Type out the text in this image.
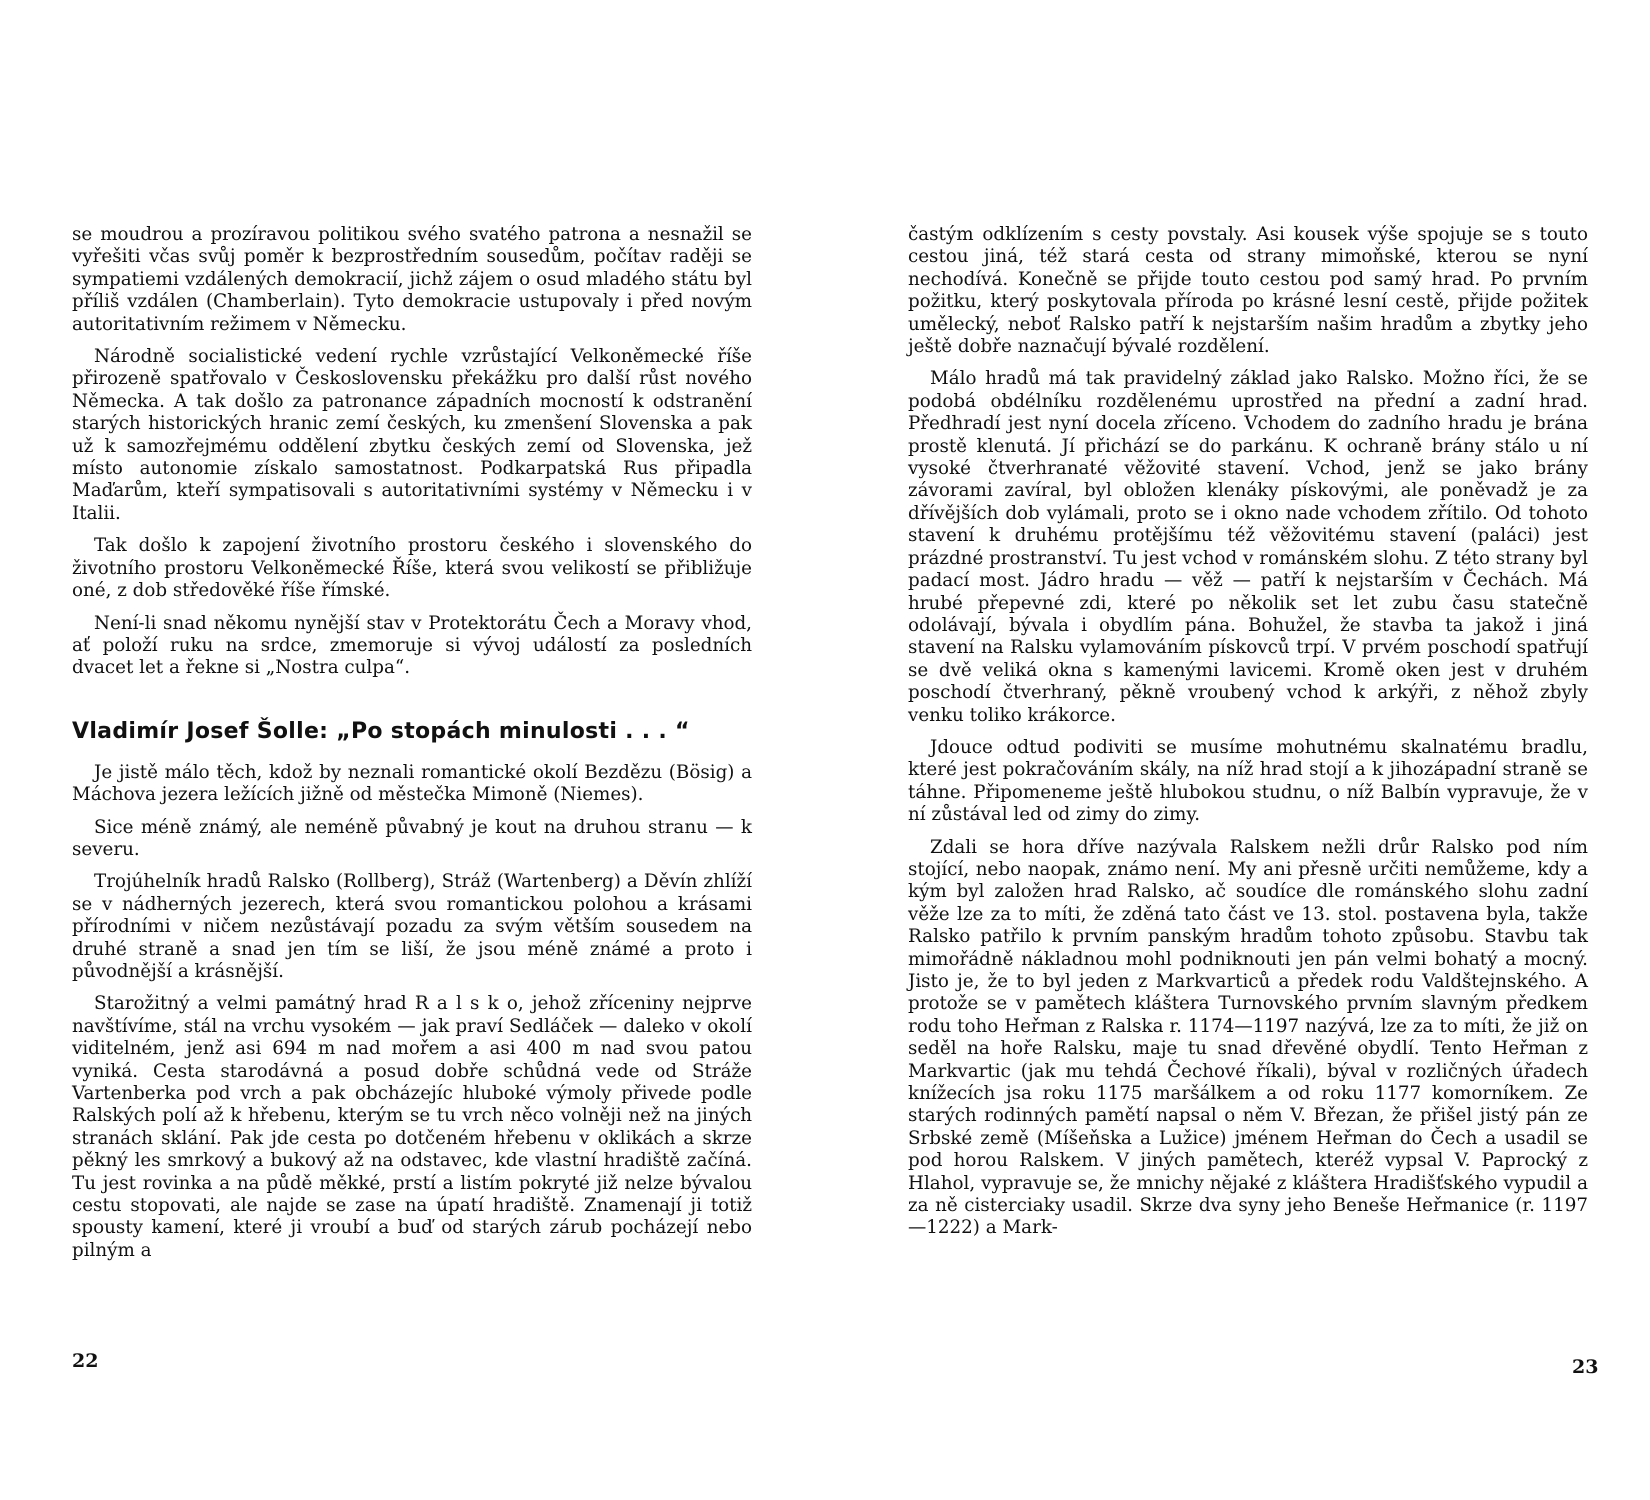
se moudrou a prozíravou politikou svého svatého patrona a nesnažil se vyřešiti včas svůj poměr k bezprostředním sousedům, počítav raději se sympatiemi vzdálených demokracií, jichž zájem o osud mladého státu byl příliš vzdálen (Chamberlain). Tyto demokracie ustupovaly i před novým autoritativním režimem v Německu.

Národně socialistické vedení rychle vzrůstající Velkoněmecké říše přirozeně spatřovalo v Československu překážku pro další růst nového Německa. A tak došlo za patronance západních mocností k odstranění starých historických hranic zemí českých, ku zmenšení Slovenska a pak už k samozřejmému oddělení zbytku českých zemí od Slovenska, jež místo autonomie získalo samostatnost. Podkarpatská Rus připadla Maďarům, kteří sympatisovali s autoritativními systémy v Německu i v Italii.

Tak došlo k zapojení životního prostoru českého i slovenského do životního prostoru Velkoněmecké Říše, která svou velikostí se přibližuje oné, z dob středověké říše římské.

Není-li snad někomu nynější stav v Protektorátu Čech a Moravy vhod, ať položí ruku na srdce, zmemoruje si vývoj událostí za posledních dvacet let a řekne si „Nostra culpa“.

Vladimír Josef Šolle: „Po stopách minulosti . . . “

Je jistě málo těch, kdož by neznali romantické okolí Bezdězu (Bösig) a Máchova jezera ležících jižně od městečka Mimoně (Niemes).

Sice méně známý, ale neméně půvabný je kout na druhou stranu — k severu.

Trojúhelník hradů Ralsko (Rollberg), Stráž (Wartenberg) a Děvín zhlíží se v nádherných jezerech, která svou romantickou polohou a krásami přírodními v ničem nezůstávají pozadu za svým větším sousedem na druhé straně a snad jen tím se liší, že jsou méně známé a proto i původnější a krásnější.

Starožitný a velmi památný hrad R a l s k o, jehož zříceniny nejprve navštívíme, stál na vrchu vysokém — jak praví Sedláček — daleko v okolí viditelném, jenž asi 694 m nad mořem a asi 400 m nad svou patou vyniká. Cesta starodávná a posud dobře schůdná vede od Stráže Vartenberka pod vrch a pak obcházejíc hluboké výmoly přivede podle Ralských polí až k hřebenu, kterým se tu vrch něco volněji než na jiných stranách sklání. Pak jde cesta po dotčeném hřebenu v oklikách a skrze pěkný les smrkový a bukový až na odstavec, kde vlastní hradiště začíná. Tu jest rovinka a na půdě měkké, prstí a listím pokryté již nelze bývalou cestu stopovati, ale najde se zase na úpatí hradiště. Znamenají ji totiž spousty kamení, které ji vroubí a buď od starých zárub pocházejí nebo pilným a

22

častým odklízením s cesty povstaly. Asi kousek výše spojuje se s touto cestou jiná, též stará cesta od strany mimoňské, kterou se nyní nechodívá. Konečně se přijde touto cestou pod samý hrad. Po prvním požitku, který poskytovala příroda po krásné lesní cestě, přijde požitek umělecký, neboť Ralsko patří k nejstarším našim hradům a zbytky jeho ještě dobře naznačují bývalé rozdělení.

Málo hradů má tak pravidelný základ jako Ralsko. Možno říci, že se podobá obdélníku rozdělenému uprostřed na přední a zadní hrad. Předhradí jest nyní docela zříceno. Vchodem do zadního hradu je brána prostě klenutá. Jí přichází se do parkánu. K ochraně brány stálo u ní vysoké čtverhranaté věžovité stavení. Vchod, jenž se jako brány závorami zavíral, byl obložen klenáky pískovými, ale poněvadž je za dřívějších dob vylámali, proto se i okno nade vchodem zřítilo. Od tohoto stavení k druhému protějšímu též věžovitému stavení (paláci) jest prázdné prostranství. Tu jest vchod v románském slohu. Z této strany byl padací most. Jádro hradu — věž — patří k nejstarším v Čechách. Má hrubé přepevné zdi, které po několik set let zubu času statečně odolávají, bývala i obydlím pána. Bohužel, že stavba ta jakož i jiná stavení na Ralsku vylamováním pískovců trpí. V prvém poschodí spatřují se dvě veliká okna s kamenými lavicemi. Kromě oken jest v druhém poschodí čtverhraný, pěkně vroubený vchod k arkýři, z něhož zbyly venku toliko krákorce.

Jdouce odtud podiviti se musíme mohutnému skalnatému bradlu, které jest pokračováním skály, na níž hrad stojí a k jihozápadní straně se táhne. Připomeneme ještě hlubokou studnu, o níž Balbín vypravuje, že v ní zůstával led od zimy do zimy.

Zdali se hora dříve nazývala Ralskem nežli drůr Ralsko pod ním stojící, nebo naopak, známo není. My ani přesně určiti nemůžeme, kdy a kým byl založen hrad Ralsko, ač soudíce dle románského slohu zadní věže lze za to míti, že zděná tato část ve 13. stol. postavena byla, takže Ralsko patřilo k prvním panským hradům tohoto způsobu. Stavbu tak mimořádně nákladnou mohl podniknouti jen pán velmi bohatý a mocný. Jisto je, že to byl jeden z Markvarticů a předek rodu Valdštejnského. A protože se v pamětech kláštera Turnovského prvním slavným předkem rodu toho Heřman z Ralska r. 1174—1197 nazývá, lze za to míti, že již on seděl na hoře Ralsku, maje tu snad dřevěné obydlí. Tento Heřman z Markvartic (jak mu tehdá Čechové říkali), býval v rozličných úřadech knížecích jsa roku 1175 maršálkem a od roku 1177 komorníkem. Ze starých rodinných pamětí napsal o něm V. Březan, že přišel jistý pán ze Srbské země (Míšeňska a Lužice) jménem Heřman do Čech a usadil se pod horou Ralskem. V jiných pamětech, kteréž vypsal V. Paprocký z Hlahol, vypravuje se, že mnichy nějaké z kláštera Hradišťského vypudil a za ně cisterciaky usadil. Skrze dva syny jeho Beneše Heřmanice (r. 1197—1222) a Mark-

23
